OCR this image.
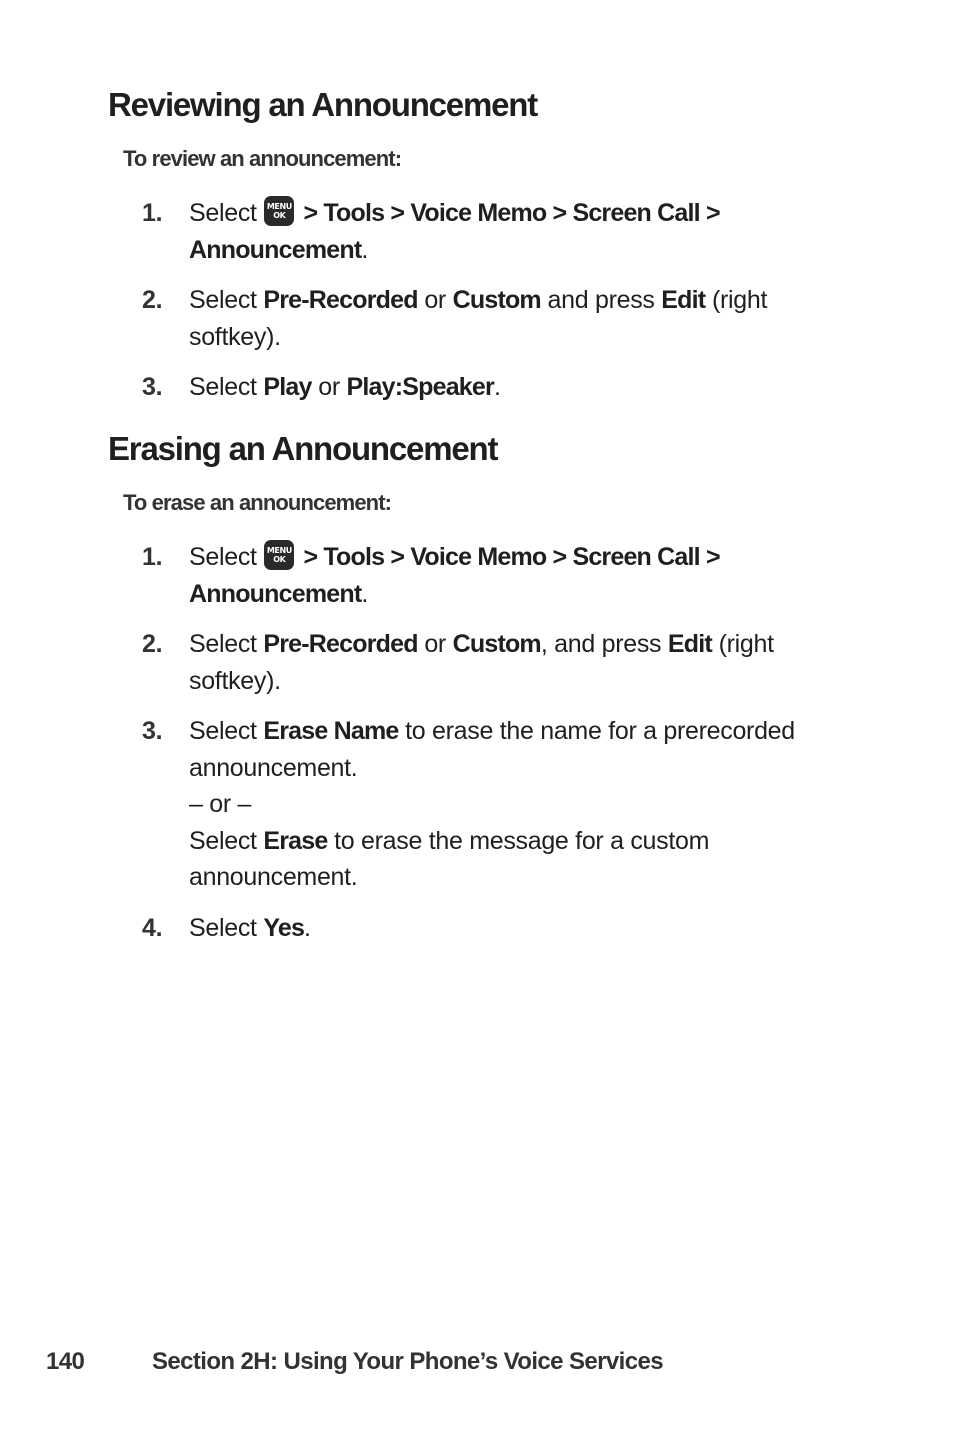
Reviewing an Announcement
To review an announcement:
1. Select MENU
OK > Tools > Voice Memo > Screen Call > Announcement.
2. Select Pre-Recorded or Custom and press Edit (right softkey).
3. Select Play or Play:Speaker.
Erasing an Announcement
To erase an announcement:
1. Select MENU
OK > Tools > Voice Memo > Screen Call > Announcement.
2. Select Pre-Recorded or Custom, and press Edit (right softkey).
3. Select Erase Name to erase the name for a prerecorded announcement.
– or –
Select Erase to erase the message for a custom announcement.
4. Select Yes.
140	Section 2H: Using Your Phone’s Voice Services
